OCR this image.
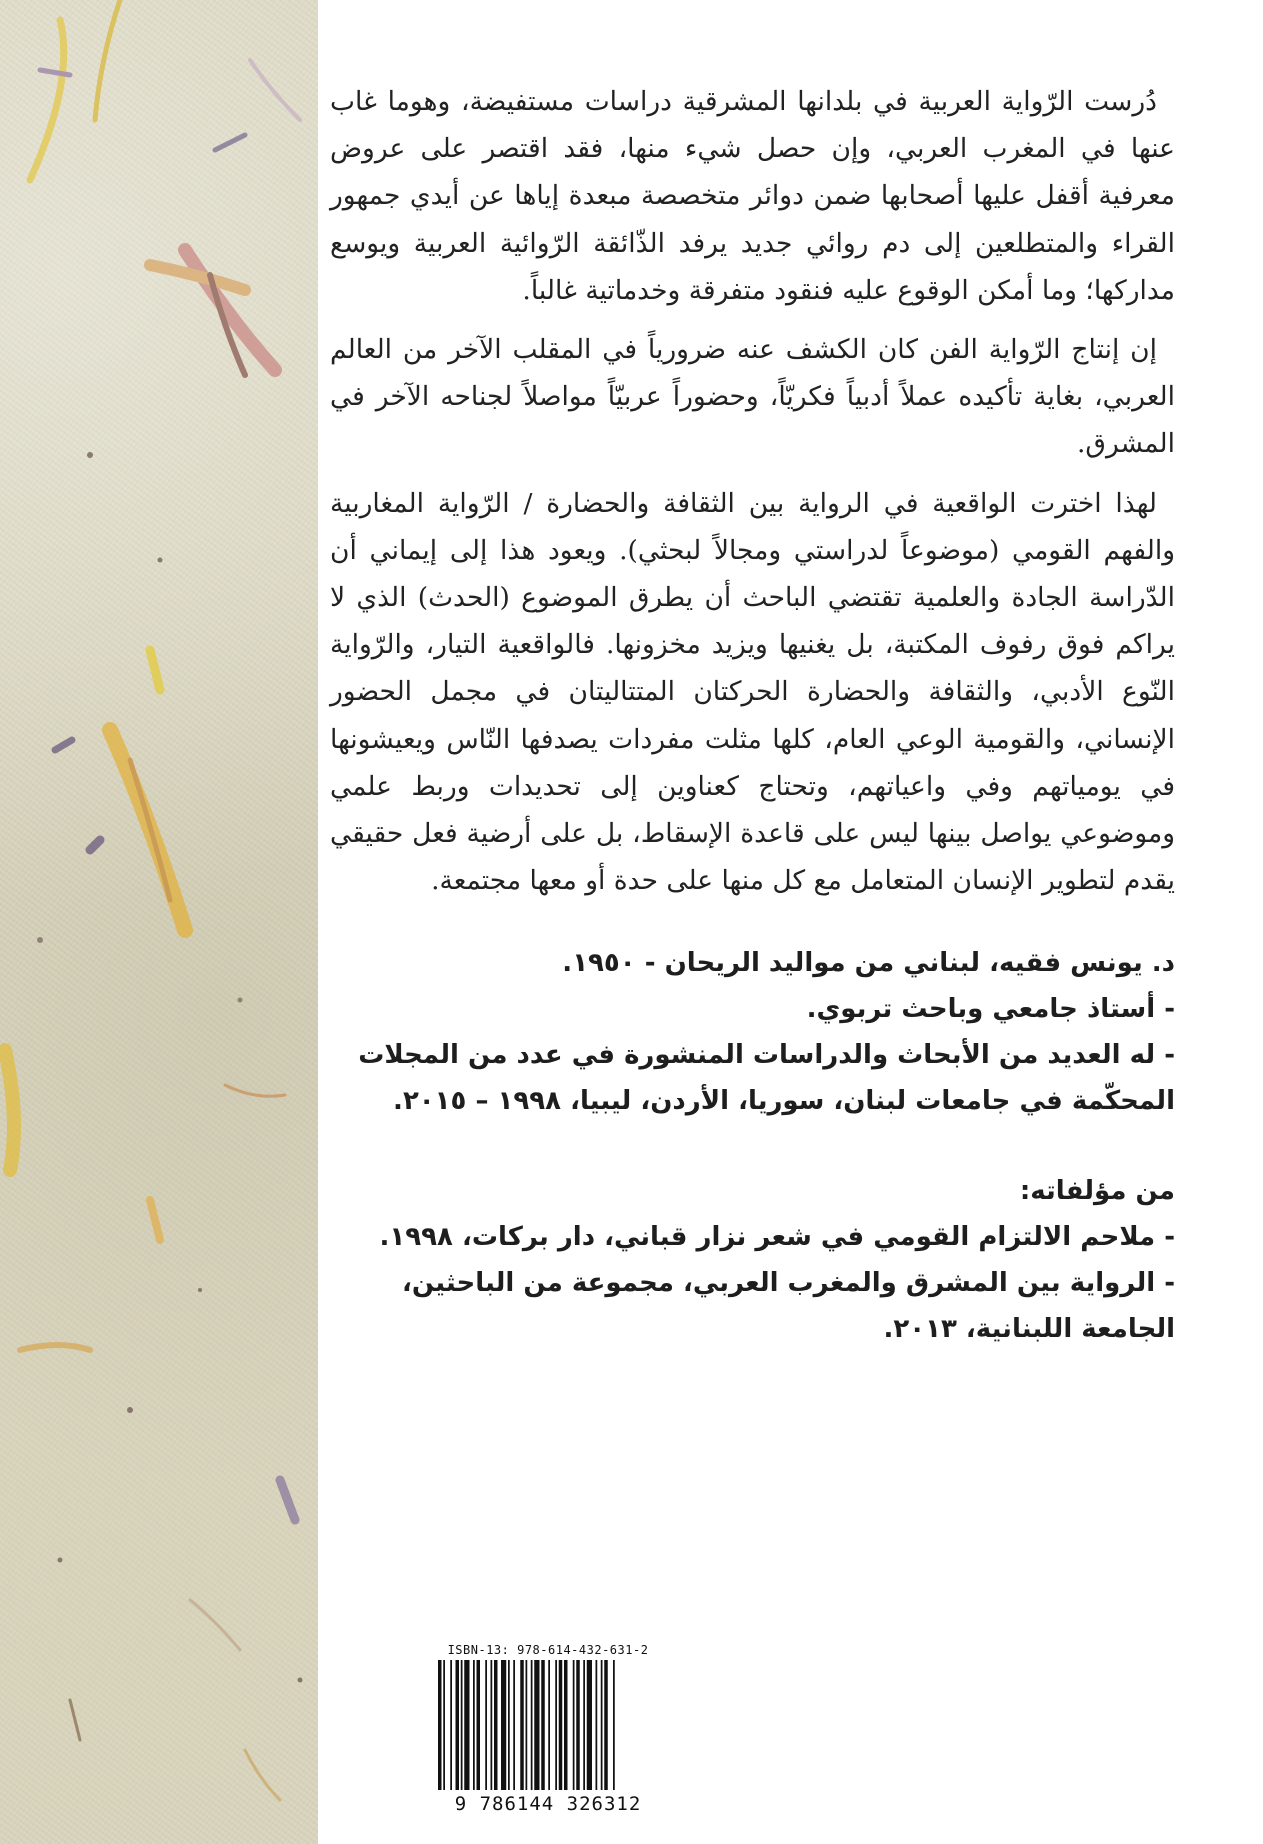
دُرست الرّواية العربية في بلدانها المشرقية دراسات مستفيضة، وهوما غاب عنها في المغرب العربي، وإن حصل شيء منها، فقد اقتصر على عروض معرفية أقفل عليها أصحابها ضمن دوائر متخصصة مبعدة إياها عن أيدي جمهور القراء والمتطلعين إلى دم روائي جديد يرفد الذّائقة الرّوائية العربية ويوسع مداركها؛ وما أمكن الوقوع عليه فنقود متفرقة وخدماتية غالباً.

إن إنتاج الرّواية الفن كان الكشف عنه ضرورياً في المقلب الآخر من العالم العربي، بغاية تأكيده عملاً أدبياً فكريّاً، وحضوراً عربيّاً مواصلاً لجناحه الآخر في المشرق.

لهذا اخترت الواقعية في الرواية بين الثقافة والحضارة / الرّواية المغاربية والفهم القومي (موضوعاً لدراستي ومجالاً لبحثي). ويعود هذا إلى إيماني أن الدّراسة الجادة والعلمية تقتضي الباحث أن يطرق الموضوع (الحدث) الذي لا يراكم فوق رفوف المكتبة، بل يغنيها ويزيد مخزونها. فالواقعية التيار، والرّواية النّوع الأدبي، والثقافة والحضارة الحركتان المتتاليتان في مجمل الحضور الإنساني، والقومية الوعي العام، كلها مثلت مفردات يصدفها النّاس ويعيشونها في يومياتهم وفي واعياتهم، وتحتاج كعناوين إلى تحديدات وربط علمي وموضوعي يواصل بينها ليس على قاعدة الإسقاط، بل على أرضية فعل حقيقي يقدم لتطوير الإنسان المتعامل مع كل منها على حدة أو معها مجتمعة.

د. يونس فقيه، لبناني من مواليد الريحان - ١٩٥٠.

- أستاذ جامعي وباحث تربوي.

- له العديد من الأبحاث والدراسات المنشورة في عدد من المجلات المحكّمة في جامعات لبنان، سوريا، الأردن، ليبيا، ١٩٩٨ – ٢٠١٥.

من مؤلفاته:

- ملاحم الالتزام القومي في شعر نزار قباني، دار بركات، ١٩٩٨.

- الرواية بين المشرق والمغرب العربي، مجموعة من الباحثين، الجامعة اللبنانية، ٢٠١٣.

ISBN-13: 978-614-432-631-2
9 786144 326312
